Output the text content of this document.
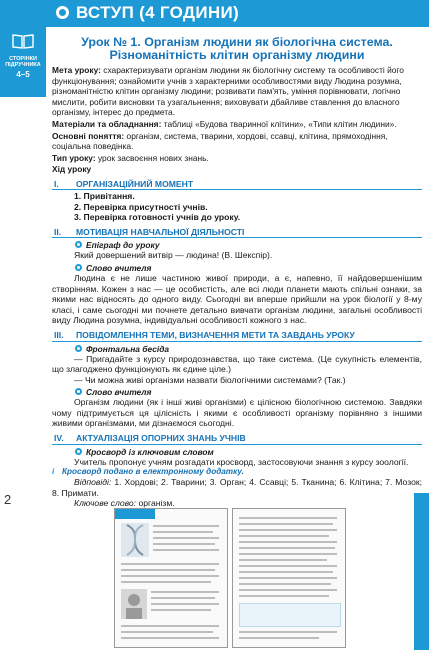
ВСТУП (4 ГОДИНИ)
СТОРІНКИ
ПІДРУЧНИКА
4–5
Урок № 1. Організм людини як біологічна система.
Різноманітність клітин організму людини
Мета уроку: схарактеризувати організм людини як біологічну систему та особливості його функціонування; ознайомити учнів з характерними особливостями виду Людина розумна, різноманітністю клітин організму людини; розвивати пам'ять, уміння порівнювати, логічно мислити, робити висновки та узагальнення; виховувати дбайливе ставлення до власного організму, інтерес до предмета.
Матеріали та обладнання: таблиці «Будова тваринної клітини», «Типи клітин людини».
Основні поняття: організм, система, тварини, хордові, ссавці, клітина, прямоходіння, соціальна поведінка.
Тип уроку: урок засвоєння нових знань.
Хід уроку
I. ОРГАНІЗАЦІЙНИЙ МОМЕНТ
1. Привітання.
2. Перевірка присутності учнів.
3. Перевірка готовності учнів до уроку.
II. МОТИВАЦІЯ НАВЧАЛЬНОЇ ДІЯЛЬНОСТІ
Епіграф до уроку

Який довершений витвір — людина! (В. Шекспір).

Слово вчителя

Людина є не лише частиною живої природи, а є, напевно, її найдовершенішим створінням. Кожен з нас — це особистість, але всі люди планети мають спільні ознаки, за якими нас відносять до одного виду. Сьогодні ви вперше прийшли на урок біології у 8-му класі, і саме сьогодні ми почнете детально вивчати організм людини, загальні особливості виду Людина розумна, індивідуальні особливості кожного з нас.

III. ПОВІДОМЛЕННЯ ТЕМИ, ВИЗНАЧЕННЯ МЕТИ ТА ЗАВДАНЬ УРОКУ
Фронтальна бесіда

— Пригадайте з курсу природознавства, що таке система. (Це сукупність елементів, що злагоджено функціонують як єдине ціле.)

— Чи можна живі організми назвати біологічними системами? (Так.)

Слово вчителя

Організм людини (як і інші живі організми) є цілісною біологічною системою. Завдяки чому підтримується ця цілісність і якими є особливості організму порівняно з іншими живими організмами, ми дізнаємося сьогодні.

IV. АКТУАЛІЗАЦІЯ ОПОРНИХ ЗНАНЬ УЧНІВ
Кросворд із ключовим словом

Учитель пропонує учням розгадати кросворд, застосовуючи знання з курсу зоології.

i Кросворд подано в електронному додатку.

Відповіді: 1. Хордові; 2. Тварини; 3. Орган; 4. Ссавці; 5. Тканина; 6. Клітина; 7. Мозок; 8. Примати.

Ключове слово: організм.

2
